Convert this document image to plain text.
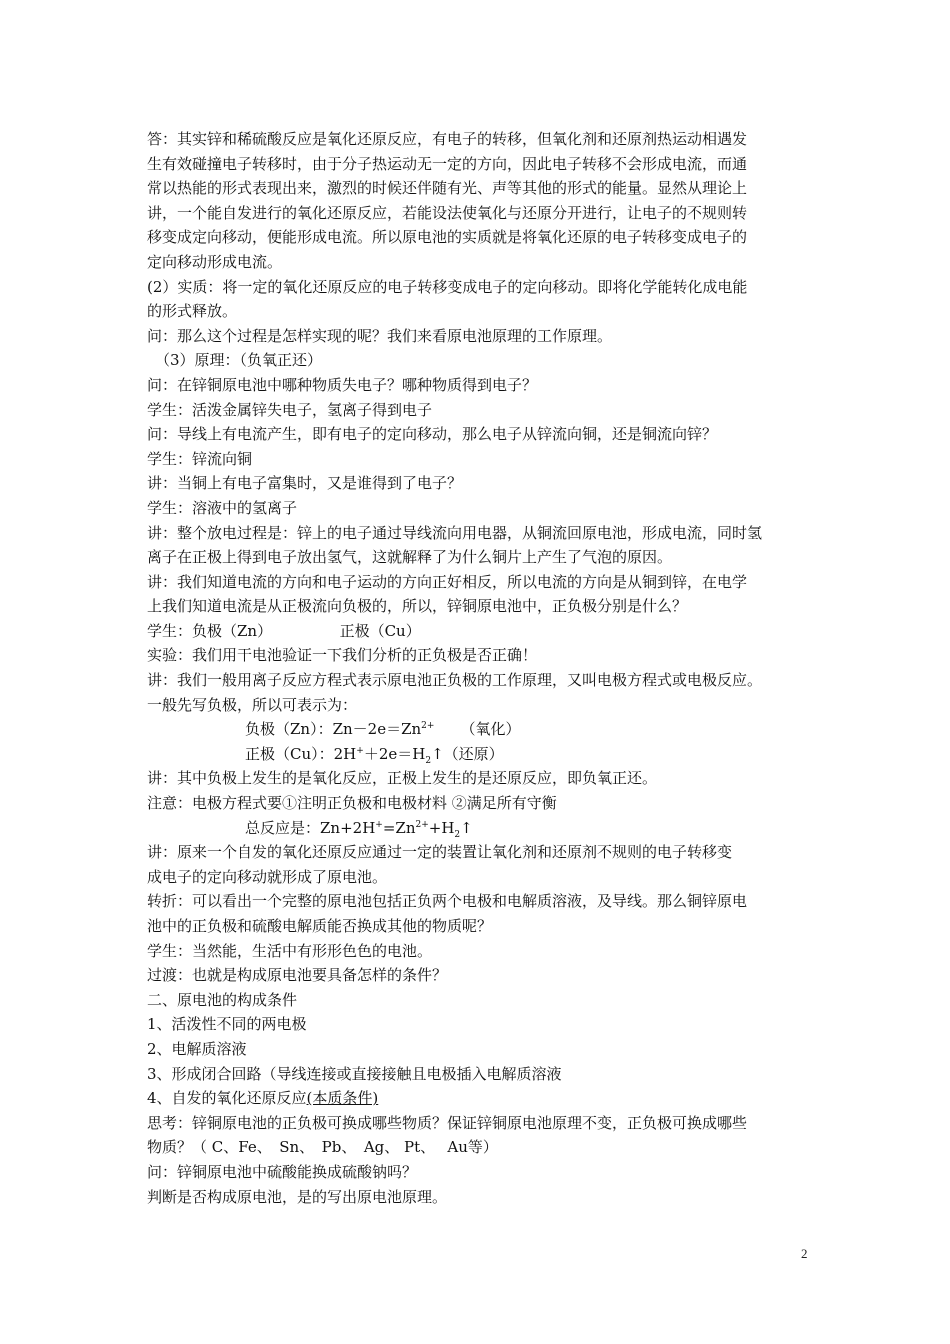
答：其实锌和稀硫酸反应是氧化还原反应，有电子的转移，但氧化剂和还原剂热运动相遇发

生有效碰撞电子转移时，由于分子热运动无一定的方向，因此电子转移不会形成电流，而通

常以热能的形式表现出来，激烈的时候还伴随有光、声等其他的形式的能量。显然从理论上

讲，一个能自发进行的氧化还原反应，若能设法使氧化与还原分开进行，让电子的不规则转

移变成定向移动，便能形成电流。所以原电池的实质就是将氧化还原的电子转移变成电子的

定向移动形成电流。

(2）实质：将一定的氧化还原反应的电子转移变成电子的定向移动。即将化学能转化成电能

的形式释放。

问：那么这个过程是怎样实现的呢？我们来看原电池原理的工作原理。

（3）原理：（负氧正还）

问：在锌铜原电池中哪种物质失电子？哪种物质得到电子？

学生：活泼金属锌失电子，氢离子得到电子

问：导线上有电流产生，即有电子的定向移动，那么电子从锌流向铜，还是铜流向锌？

学生：锌流向铜

讲：当铜上有电子富集时，又是谁得到了电子？

学生：溶液中的氢离子

讲：整个放电过程是：锌上的电子通过导线流向用电器，从铜流回原电池，形成电流，同时氢

离子在正极上得到电子放出氢气，这就解释了为什么铜片上产生了气泡的原因。

讲：我们知道电流的方向和电子运动的方向正好相反，所以电流的方向是从铜到锌，在电学

上我们知道电流是从正极流向负极的，所以，锌铜原电池中，正负极分别是什么？

学生：负极（Zn）　　　　　正极（Cu）

实验：我们用干电池验证一下我们分析的正负极是否正确！

讲：我们一般用离子反应方程式表示原电池正负极的工作原理，又叫电极方程式或电极反应。

一般先写负极，所以可表示为：

负极（Zn）：$Zn-2e=Zn^{2+}$ （氧化）

正极（Cu）：$2H^++2e=H_2↑$（还原）

讲：其中负极上发生的是氧化反应，正极上发生的是还原反应，即负氧正还。

注意：电极方程式要①注明正负极和电极材料 ②满足所有守衡

总反应是：$Zn+2H^+=Zn^{2+}+H_2↑$

讲：原来一个自发的氧化还原反应通过一定的装置让氧化剂和还原剂不规则的电子转移变

成电子的定向移动就形成了原电池。

转折：可以看出一个完整的原电池包括正负两个电极和电解质溶液，及导线。那么铜锌原电

池中的正负极和硫酸电解质能否换成其他的物质呢？

学生：当然能，生活中有形形色色的电池。

过渡：也就是构成原电池要具备怎样的条件？

二、原电池的构成条件

1、活泼性不同的两电极

2、电解质溶液

3、形成闭合回路（导线连接或直接接触且电极插入电解质溶液

4、自发的氧化还原反应(本质条件)

思考：锌铜原电池的正负极可换成哪些物质？保证锌铜原电池原理不变，正负极可换成哪些

物质？（ C、Fe、　Sn、　Pb、　Ag、 Pt、　 Au等）

问：锌铜原电池中硫酸能换成硫酸钠吗？

判断是否构成原电池，是的写出原电池原理。

2
